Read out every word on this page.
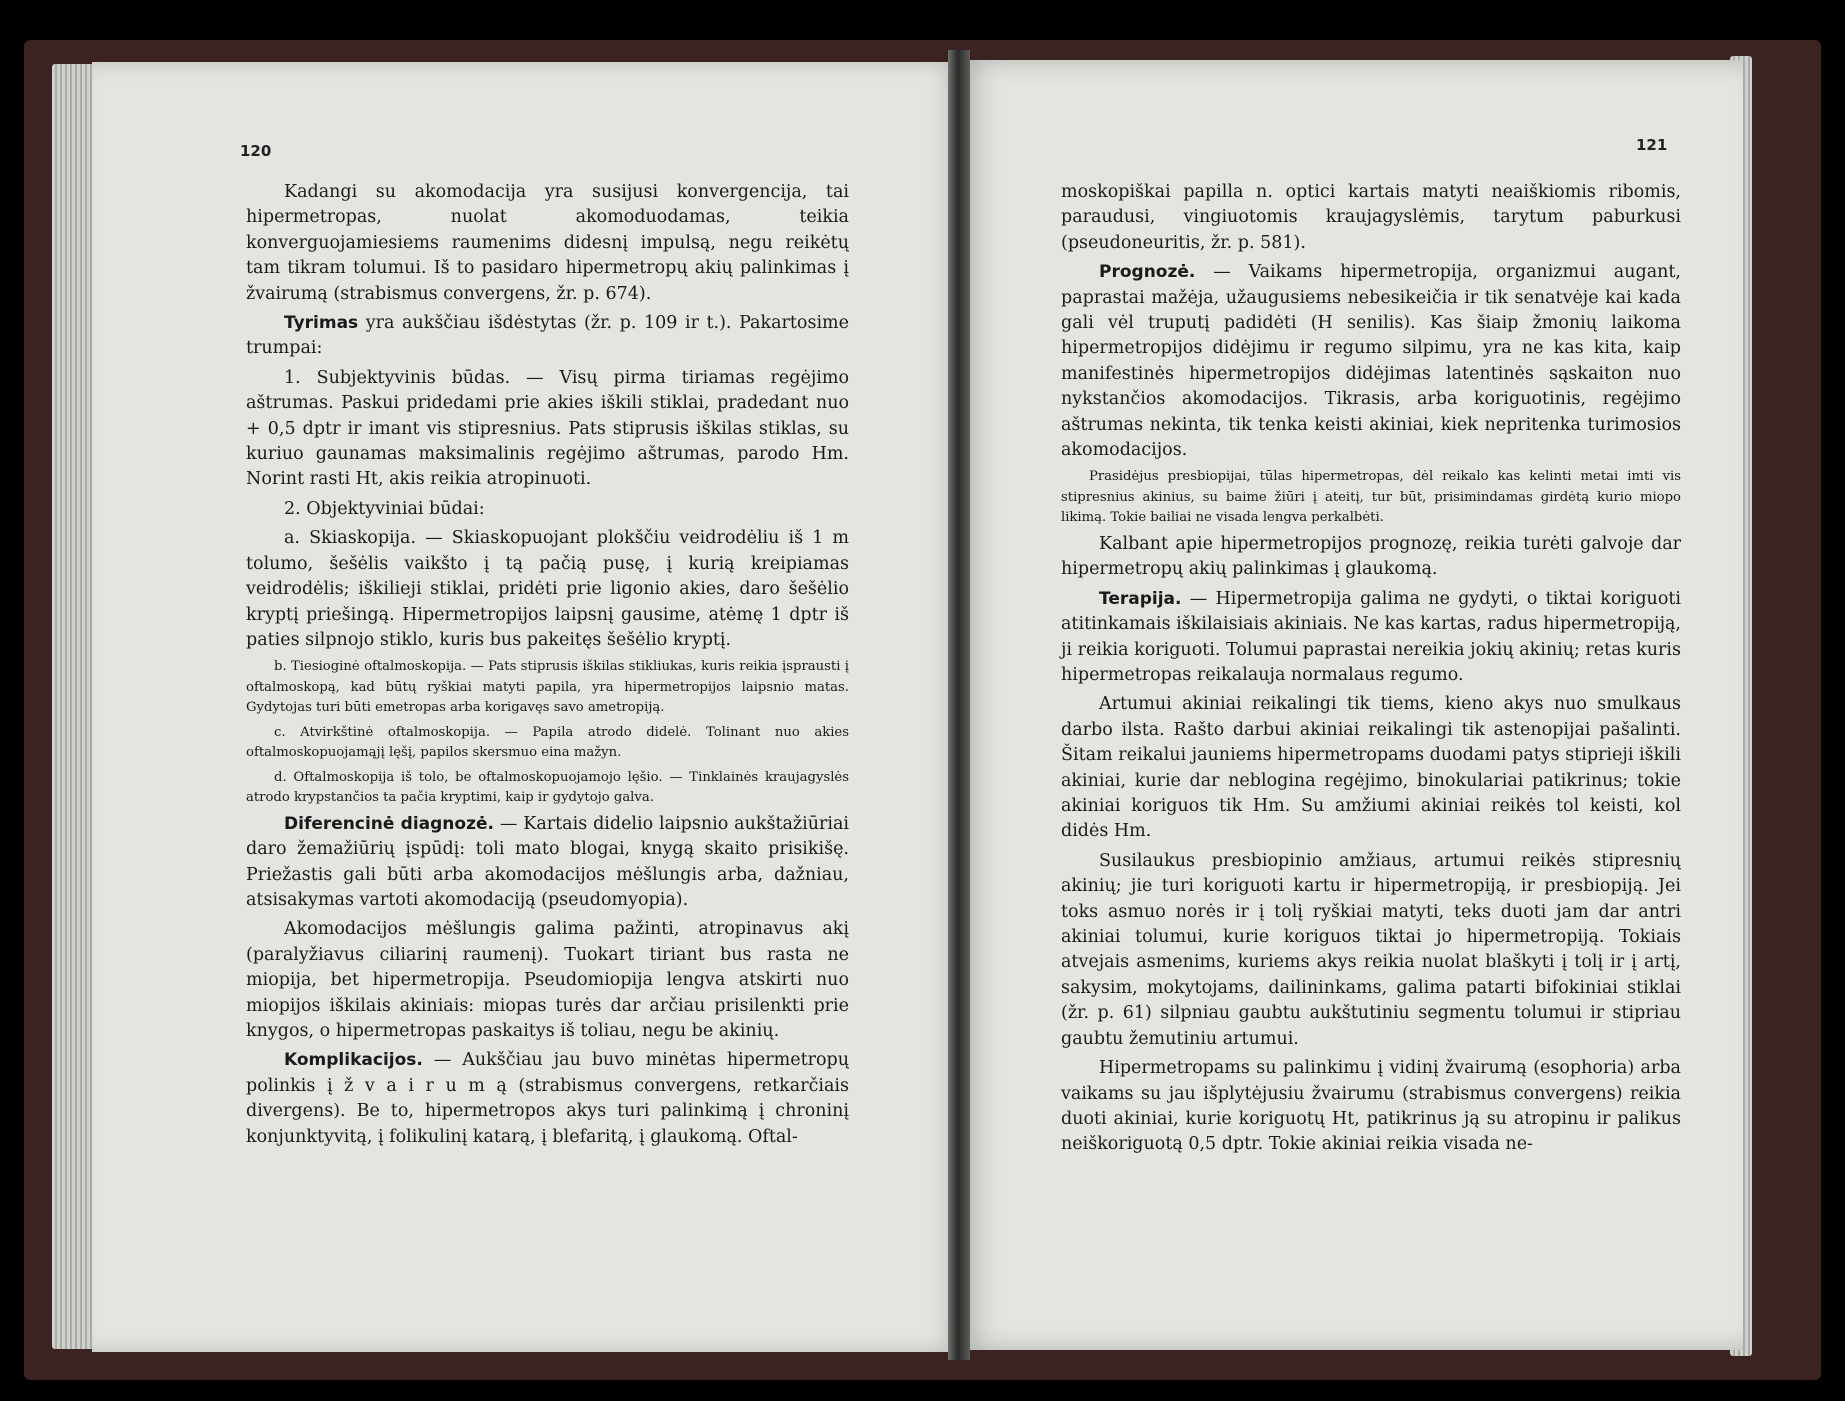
120

Kadangi su akomodacija yra susijusi konvergencija, tai hipermetropas, nuolat akomoduodamas, teikia konverguojamiesiems raumenims didesnį impulsą, negu reikėtų tam tikram tolumui. Iš to pasidaro hipermetropų akių palinkimas į žvairumą (strabismus convergens, žr. p. 674).

Tyrimas yra aukščiau išdėstytas (žr. p. 109 ir t.). Pakartosime trumpai:

1. Subjektyvinis būdas. — Visų pirma tiriamas regėjimo aštrumas. Paskui pridedami prie akies iškili stiklai, pradedant nuo + 0,5 dptr ir imant vis stipresnius. Pats stiprusis iškilas stiklas, su kuriuo gaunamas maksimalinis regėjimo aštrumas, parodo Hm. Norint rasti Ht, akis reikia atropinuoti.

2. Objektyviniai būdai:

a. Skiaskopija. — Skiaskopuojant plokščiu veidrodėliu iš 1 m tolumo, šešėlis vaikšto į tą pačią pusę, į kurią kreipiamas veidrodėlis; iškilieji stiklai, pridėti prie ligonio akies, daro šešėlio kryptį priešingą. Hipermetropijos laipsnį gausime, atėmę 1 dptr iš paties silpnojo stiklo, kuris bus pakeitęs šešėlio kryptį.

b. Tiesioginė oftalmoskopija. — Pats stiprusis iškilas stikliukas, kuris reikia įsprausti į oftalmoskopą, kad būtų ryškiai matyti papila, yra hipermetropijos laipsnio matas. Gydytojas turi būti emetropas arba korigavęs savo ametropiją.

c. Atvirkštinė oftalmoskopija. — Papila atrodo didelė. Tolinant nuo akies oftalmoskopuojamąjį lęšį, papilos skersmuo eina mažyn.

d. Oftalmoskopija iš tolo, be oftalmoskopuojamojo lęšio. — Tinklainės kraujagyslės atrodo krypstančios ta pačia kryptimi, kaip ir gydytojo galva.

Diferencinė diagnozė. — Kartais didelio laipsnio aukštažiūriai daro žemažiūrių įspūdį: toli mato blogai, knygą skaito prisikišę. Priežastis gali būti arba akomodacijos mėšlungis arba, dažniau, atsisakymas vartoti akomodaciją (pseudomyopia).

Akomodacijos mėšlungis galima pažinti, atropinavus akį (paralyžiavus ciliarinį raumenį). Tuokart tiriant bus rasta ne miopija, bet hipermetropija. Pseudomiopija lengva atskirti nuo miopijos iškilais akiniais: miopas turės dar arčiau prisilenkti prie knygos, o hipermetropas paskaitys iš toliau, negu be akinių.

Komplikacijos. — Aukščiau jau buvo minėtas hipermetropų polinkis į ž v a i r u m ą (strabismus convergens, retkarčiais divergens). Be to, hipermetropos akys turi palinkimą į chroninį konjunktyvitą, į folikulinį katarą, į blefaritą, į glaukomą. Oftal-

121

moskopiškai papilla n. optici kartais matyti neaiškiomis ribomis, paraudusi, vingiuotomis kraujagyslėmis, tarytum paburkusi (pseudoneuritis, žr. p. 581).

Prognozė. — Vaikams hipermetropija, organizmui augant, paprastai mažėja, užaugusiems nebesikeičia ir tik senatvėje kai kada gali vėl truputį padidėti (H senilis). Kas šiaip žmonių laikoma hipermetropijos didėjimu ir regumo silpimu, yra ne kas kita, kaip manifestinės hipermetropijos didėjimas latentinės sąskaiton nuo nykstančios akomodacijos. Tikrasis, arba koriguotinis, regėjimo aštrumas nekinta, tik tenka keisti akiniai, kiek nepritenka turimosios akomodacijos.

Prasidėjus presbiopijai, tūlas hipermetropas, dėl reikalo kas kelinti metai imti vis stipresnius akinius, su baime žiūri į ateitį, tur būt, prisimindamas girdėtą kurio miopo likimą. Tokie bailiai ne visada lengva perkalbėti.

Kalbant apie hipermetropijos prognozę, reikia turėti galvoje dar hipermetropų akių palinkimas į glaukomą.

Terapija. — Hipermetropija galima ne gydyti, o tiktai koriguoti atitinkamais iškilaisiais akiniais. Ne kas kartas, radus hipermetropiją, ji reikia koriguoti. Tolumui paprastai nereikia jokių akinių; retas kuris hipermetropas reikalauja normalaus regumo.

Artumui akiniai reikalingi tik tiems, kieno akys nuo smulkaus darbo ilsta. Rašto darbui akiniai reikalingi tik astenopijai pašalinti. Šitam reikalui jauniems hipermetropams duodami patys stiprieji iškili akiniai, kurie dar neblogina regėjimo, binokulariai patikrinus; tokie akiniai koriguos tik Hm. Su amžiumi akiniai reikės tol keisti, kol didės Hm.

Susilaukus presbiopinio amžiaus, artumui reikės stipresnių akinių; jie turi koriguoti kartu ir hipermetropiją, ir presbiopiją. Jei toks asmuo norės ir į tolį ryškiai matyti, teks duoti jam dar antri akiniai tolumui, kurie koriguos tiktai jo hipermetropiją. Tokiais atvejais asmenims, kuriems akys reikia nuolat blaškyti į tolį ir į artį, sakysim, mokytojams, dailininkams, galima patarti bifokiniai stiklai (žr. p. 61) silpniau gaubtu aukštutiniu segmentu tolumui ir stipriau gaubtu žemutiniu artumui.

Hipermetropams su palinkimu į vidinį žvairumą (esophoria) arba vaikams su jau išplytėjusiu žvairumu (strabismus convergens) reikia duoti akiniai, kurie koriguotų Ht, patikrinus ją su atropinu ir palikus neiškoriguotą 0,5 dptr. Tokie akiniai reikia visada ne-
